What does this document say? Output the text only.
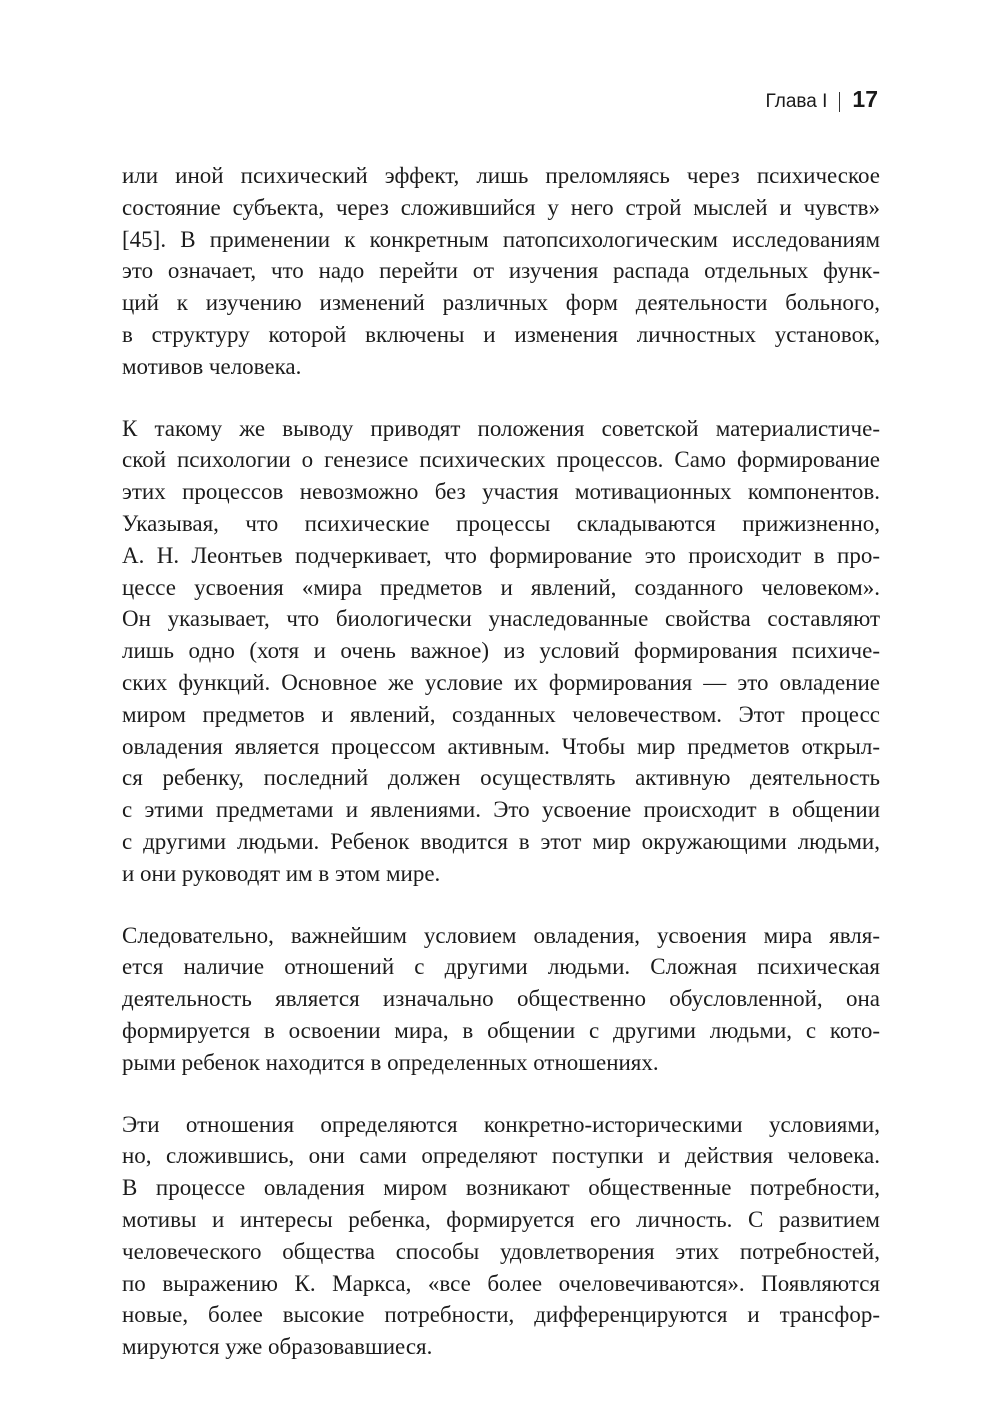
Глава I	17

или иной психический эффект, лишь преломляясь через психическое
состояние субъекта, через сложившийся у него строй мыслей и чувств»
[45]. В применении к конкретным патопсихологическим исследованиям
это означает, что надо перейти от изучения распада отдельных функ-
ций к изучению изменений различных форм деятельности больного,
в структуру которой включены и изменения личностных установок,
мотивов человека.

К такому же выводу приводят положения советской материалистиче-
ской психологии о генезисе психических процессов. Само формирование
этих процессов невозможно без участия мотивационных компонентов.
Указывая, что психические процессы складываются прижизненно,
А. Н. Леонтьев подчеркивает, что формирование это происходит в про-
цессе усвоения «мира предметов и явлений, созданного человеком».
Он указывает, что биологически унаследованные свойства составляют
лишь одно (хотя и очень важное) из условий формирования психиче-
ских функций. Основное же условие их формирования — это овладение
миром предметов и явлений, созданных человечеством. Этот процесс
овладения является процессом активным. Чтобы мир предметов открыл-
ся ребенку, последний должен осуществлять активную деятельность
с этими предметами и явлениями. Это усвоение происходит в общении
с другими людьми. Ребенок вводится в этот мир окружающими людьми,
и они руководят им в этом мире.

Следовательно, важнейшим условием овладения, усвоения мира явля-
ется наличие отношений с другими людьми. Сложная психическая
деятельность является изначально общественно обусловленной, она
формируется в освоении мира, в общении с другими людьми, с кото-
рыми ребенок находится в определенных отношениях.

Эти отношения определяются конкретно-историческими условиями,
но, сложившись, они сами определяют поступки и действия человека.
В процессе овладения миром возникают общественные потребности,
мотивы и интересы ребенка, формируется его личность. С развитием
человеческого общества способы удовлетворения этих потребностей,
по выражению К. Маркса, «все более очеловечиваются». Появляются
новые, более высокие потребности, дифференцируются и трансфор-
мируются уже образовавшиеся.
